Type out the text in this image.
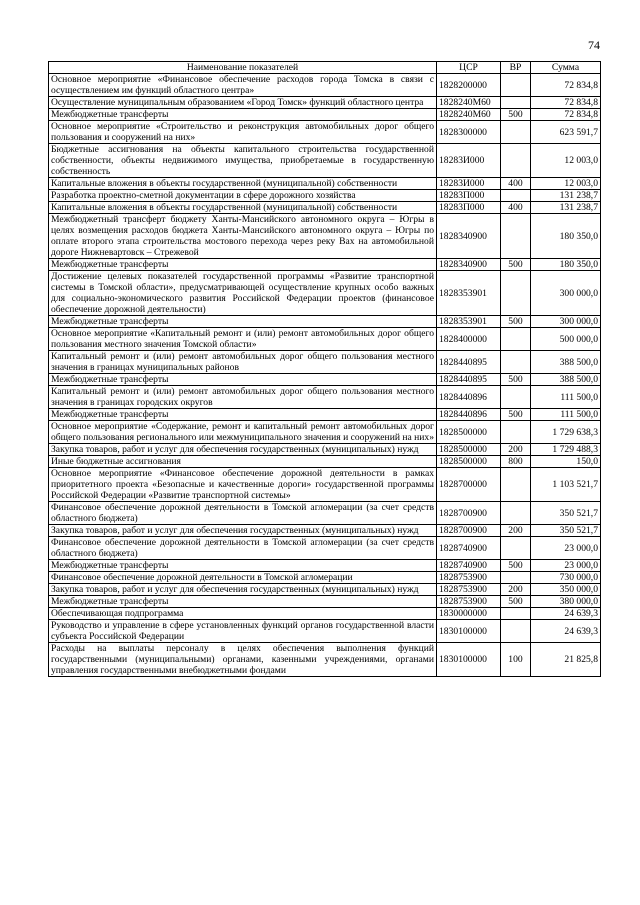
74
Наименование показателей	ЦСР	ВР	Сумма
Основное мероприятие «Финансовое обеспечение расходов города Томска в связи с осуществлением им функций областного центра»	1828200000		72 834,8
Осуществление муниципальным образованием «Город Томск» функций областного центра	1828240М60		72 834,8
Межбюджетные трансферты	1828240М60	500	72 834,8
Основное мероприятие «Строительство и реконструкция автомобильных дорог общего пользования и сооружений на них»	1828300000		623 591,7
Бюджетные ассигнования на объекты капитального строительства государственной собственности, объекты недвижимого имущества, приобретаемые в государственную собственность	18283И000		12 003,0
Капитальные вложения в объекты государственной (муниципальной) собственности	18283И000	400	12 003,0
Разработка проектно-сметной документации в сфере дорожного хозяйства	18283П000		131 238,7
Капитальные вложения в объекты государственной (муниципальной) собственности	18283П000	400	131 238,7
Межбюджетный трансферт бюджету Ханты-Мансийского автономного округа – Югры в целях возмещения расходов бюджета Ханты-Мансийского автономного округа – Югры по оплате второго этапа строительства мостового перехода через реку Вах на автомобильной дороге Нижневартовск – Стрежевой	1828340900		180 350,0
Межбюджетные трансферты	1828340900	500	180 350,0
Достижение целевых показателей государственной программы «Развитие транспортной системы в Томской области», предусматривающей осуществление крупных особо важных для социально-экономического развития Российской Федерации проектов (финансовое обеспечение дорожной деятельности)	1828353901		300 000,0
Межбюджетные трансферты	1828353901	500	300 000,0
Основное мероприятие «Капитальный ремонт и (или) ремонт автомобильных дорог общего пользования местного значения Томской области»	1828400000		500 000,0
Капитальный ремонт и (или) ремонт автомобильных дорог общего пользования местного значения в границах муниципальных районов	1828440895		388 500,0
Межбюджетные трансферты	1828440895	500	388 500,0
Капитальный ремонт и (или) ремонт автомобильных дорог общего пользования местного значения в границах городских округов	1828440896		111 500,0
Межбюджетные трансферты	1828440896	500	111 500,0
Основное мероприятие «Содержание, ремонт и капитальный ремонт автомобильных дорог общего пользования регионального или межмуниципального значения и сооружений на них»	1828500000		1 729 638,3
Закупка товаров, работ и услуг для обеспечения государственных (муниципальных) нужд	1828500000	200	1 729 488,3
Иные бюджетные ассигнования	1828500000	800	150,0
Основное мероприятие «Финансовое обеспечение дорожной деятельности в рамках приоритетного проекта «Безопасные и качественные дороги» государственной программы Российской Федерации «Развитие транспортной системы»	1828700000		1 103 521,7
Финансовое обеспечение дорожной деятельности в Томской агломерации (за счет средств областного бюджета)	1828700900		350 521,7
Закупка товаров, работ и услуг для обеспечения государственных (муниципальных) нужд	1828700900	200	350 521,7
Финансовое обеспечение дорожной деятельности в Томской агломерации (за счет средств областного бюджета)	1828740900		23 000,0
Межбюджетные трансферты	1828740900	500	23 000,0
Финансовое обеспечение дорожной деятельности в Томской агломерации	1828753900		730 000,0
Закупка товаров, работ и услуг для обеспечения государственных (муниципальных) нужд	1828753900	200	350 000,0
Межбюджетные трансферты	1828753900	500	380 000,0
Обеспечивающая подпрограмма	1830000000		24 639,3
Руководство и управление в сфере установленных функций органов государственной власти субъекта Российской Федерации	1830100000		24 639,3
Расходы на выплаты персоналу в целях обеспечения выполнения функций государственными (муниципальными) органами, казенными учреждениями, органами управления государственными внебюджетными фондами	1830100000	100	21 825,8
